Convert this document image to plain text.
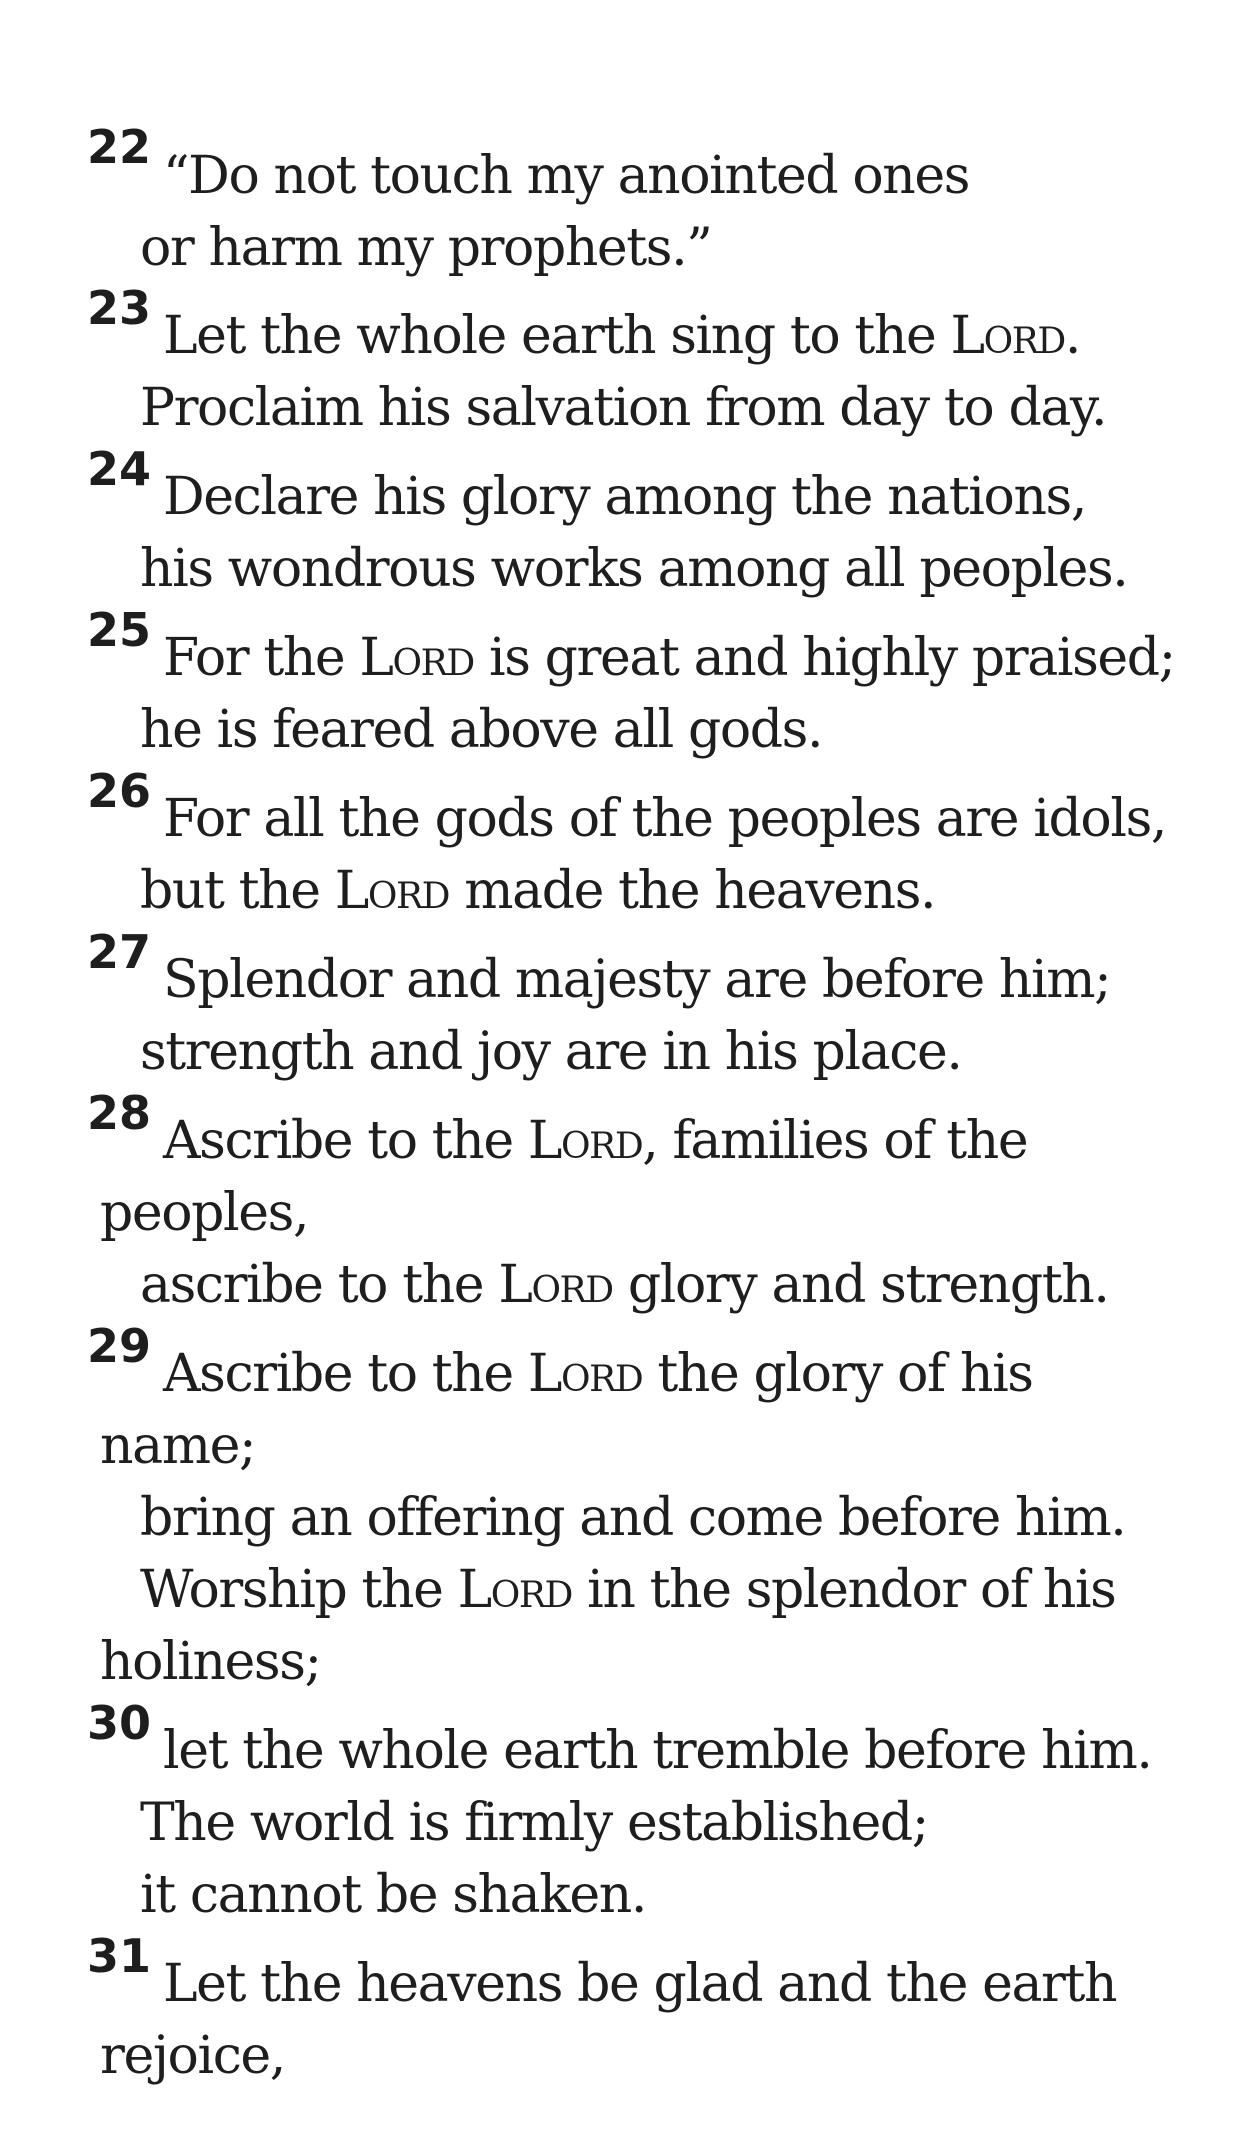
22 “Do not touch my anointed ones
or harm my prophets.”
23 Let the whole earth sing to the Lord.
Proclaim his salvation from day to day.
24 Declare his glory among the nations,
his wondrous works among all peoples.
25 For the Lord is great and highly praised;
he is feared above all gods.
26 For all the gods of the peoples are idols,
but the Lord made the heavens.
27 Splendor and majesty are before him;
strength and joy are in his place.
28 Ascribe to the Lord, families of the
peoples,
ascribe to the Lord glory and strength.
29 Ascribe to the Lord the glory of his
name;
bring an offering and come before him.
Worship the Lord in the splendor of his
holiness;
30 let the whole earth tremble before him.
The world is firmly established;
it cannot be shaken.
31 Let the heavens be glad and the earth
rejoice,
